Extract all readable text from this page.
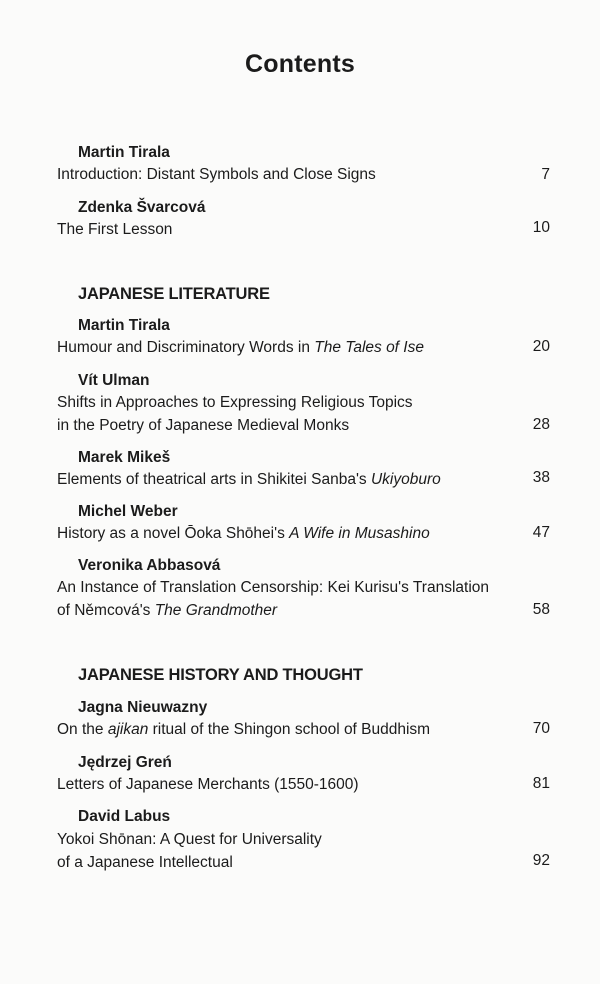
Contents
Martin Tirala
Introduction: Distant Symbols and Close Signs	7
Zdenka Švarcová
The First Lesson	10
JAPANESE LITERATURE
Martin Tirala
Humour and Discriminatory Words in The Tales of Ise	20
Vít Ulman
Shifts in Approaches to Expressing Religious Topics
in the Poetry of Japanese Medieval Monks	28
Marek Mikeš
Elements of theatrical arts in Shikitei Sanba's Ukiyoburo	38
Michel Weber
History as a novel Ōoka Shōhei's A Wife in Musashino	47
Veronika Abbasová
An Instance of Translation Censorship: Kei Kurisu's Translation
of Němcová's The Grandmother	58
JAPANESE HISTORY AND THOUGHT
Jagna Nieuwazny
On the ajikan ritual of the Shingon school of Buddhism	70
Jędrzej Greń
Letters of Japanese Merchants (1550-1600)	81
David Labus
Yokoi Shōnan: A Quest for Universality
of a Japanese Intellectual	92
